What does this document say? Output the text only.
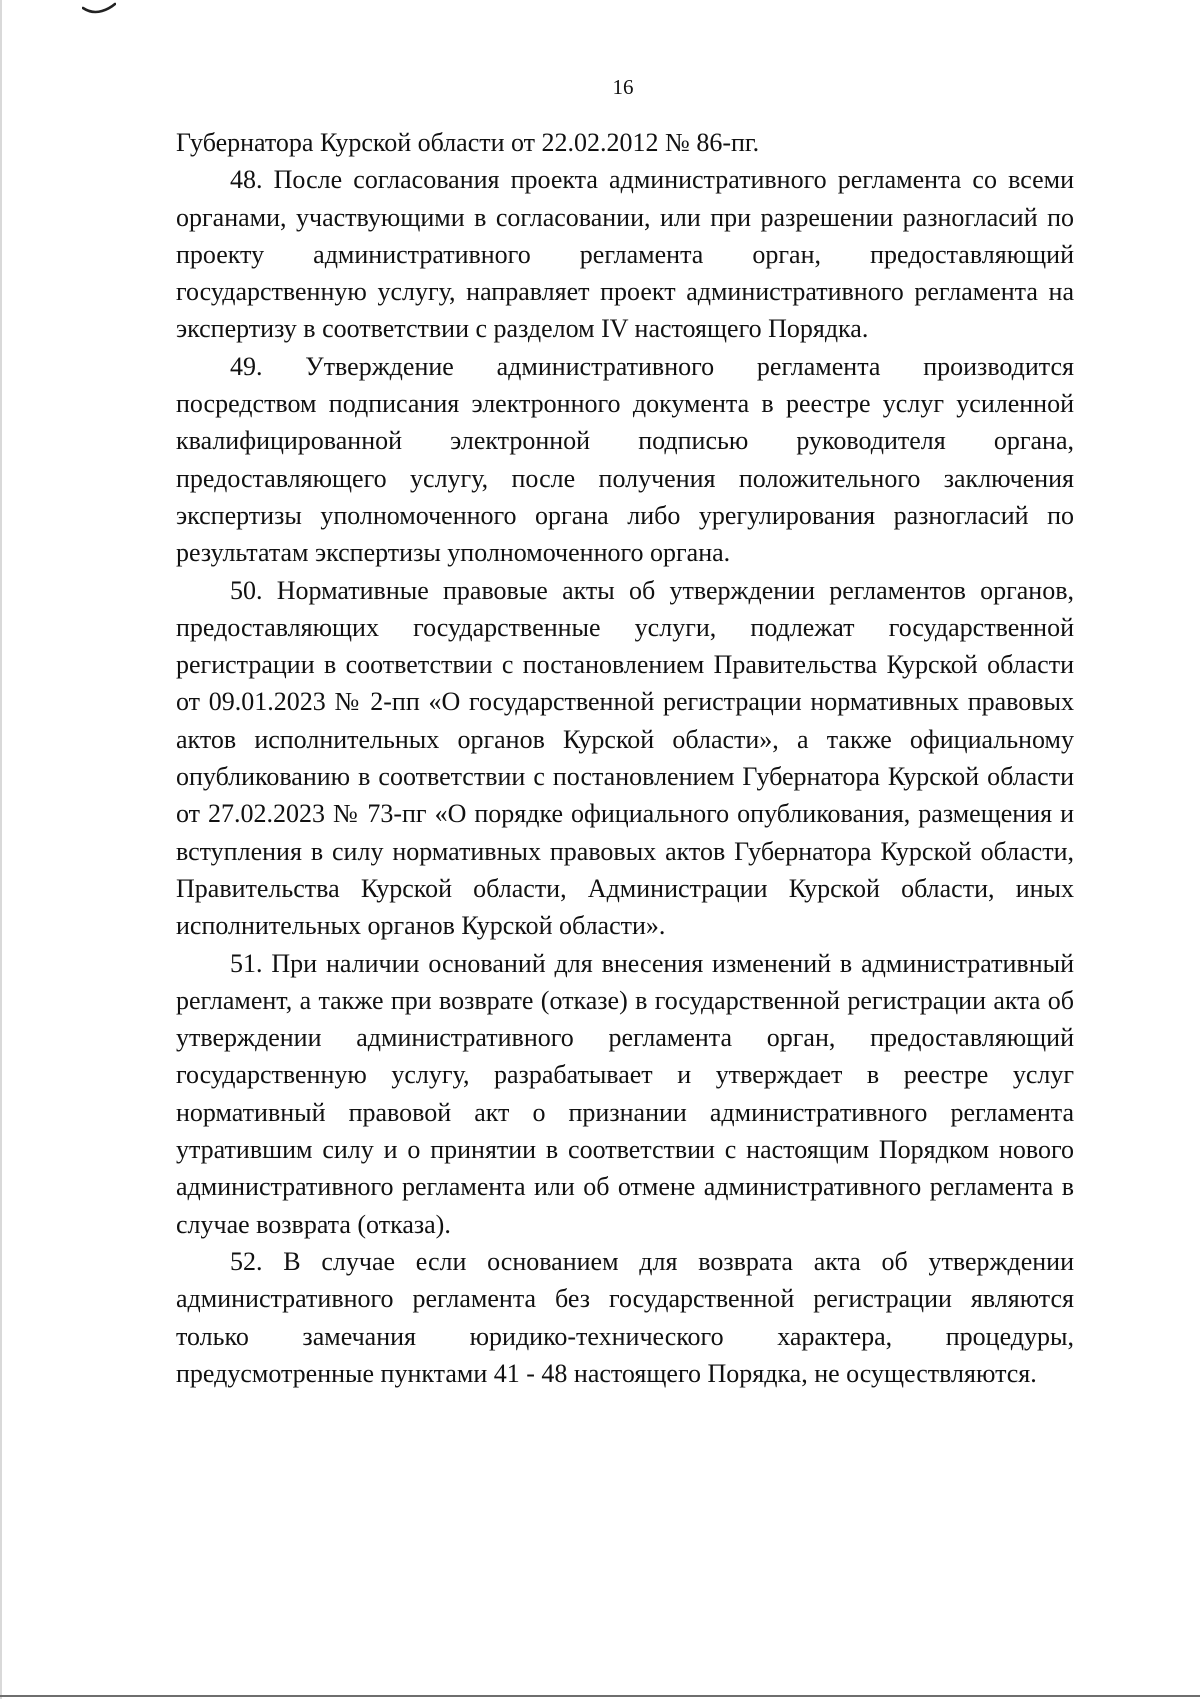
16

Губернатора Курской области от 22.02.2012 № 86-пг.

48. После согласования проекта административного регламента со всеми органами, участвующими в согласовании, или при разрешении разногласий по проекту административного регламента орган, предоставляющий государственную услугу, направляет проект административного регламента на экспертизу в соответствии с разделом IV настоящего Порядка.

49. Утверждение административного регламента производится посредством подписания электронного документа в реестре услуг усиленной квалифицированной электронной подписью руководителя органа, предоставляющего услугу, после получения положительного заключения экспертизы уполномоченного органа либо урегулирования разногласий по результатам экспертизы уполномоченного органа.

50. Нормативные правовые акты об утверждении регламентов органов, предоставляющих государственные услуги, подлежат государственной регистрации в соответствии с постановлением Правительства Курской области от 09.01.2023 № 2-пп «О государственной регистрации нормативных правовых актов исполнительных органов Курской области», а также официальному опубликованию в соответствии с постановлением Губернатора Курской области от 27.02.2023 № 73-пг «О порядке официального опубликования, размещения и вступления в силу нормативных правовых актов Губернатора Курской области, Правительства Курской области, Администрации Курской области, иных исполнительных органов Курской области».

51. При наличии оснований для внесения изменений в административный регламент, а также при возврате (отказе) в государственной регистрации акта об утверждении административного регламента орган, предоставляющий государственную услугу, разрабатывает и утверждает в реестре услуг нормативный правовой акт о признании административного регламента утратившим силу и о принятии в соответствии с настоящим Порядком нового административного регламента или об отмене административного регламента в случае возврата (отказа).

52. В случае если основанием для возврата акта об утверждении административного регламента без государственной регистрации являются только замечания юридико-технического характера, процедуры, предусмотренные пунктами 41 - 48 настоящего Порядка, не осуществляются.
